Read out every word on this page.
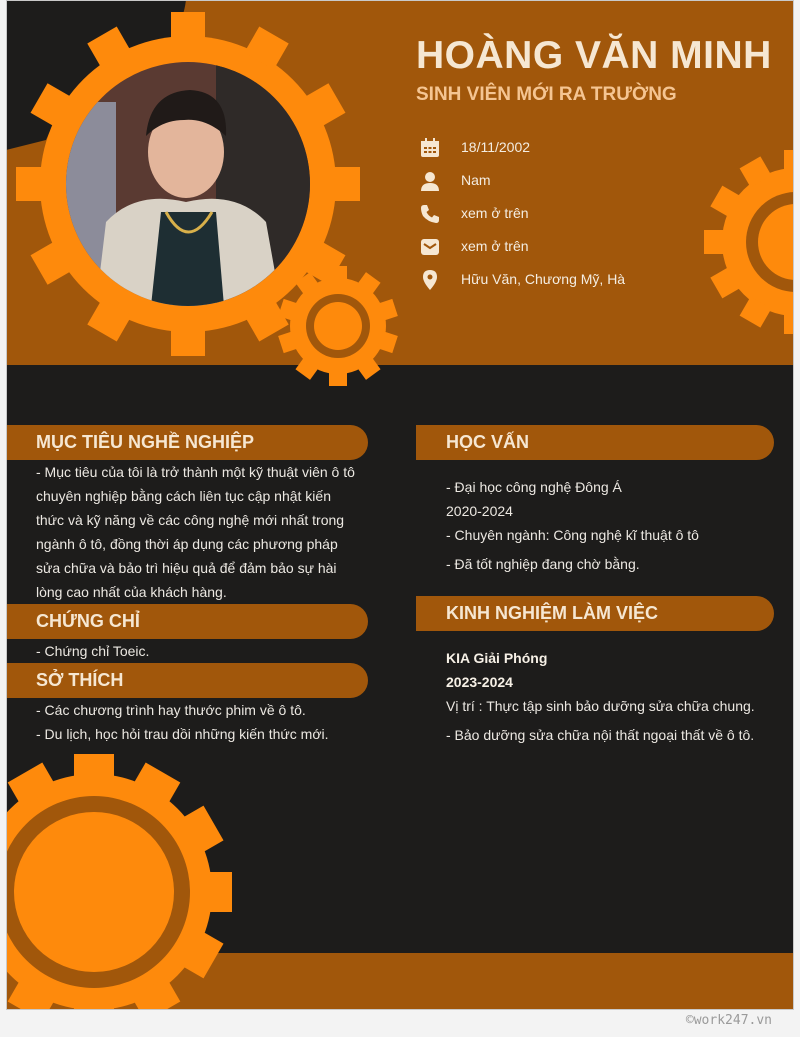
HOÀNG VĂN MINH
SINH VIÊN MỚI RA TRƯỜNG
18/11/2002
Nam
xem ở trên
xem ở trên
Hữu Văn, Chương Mỹ, Hà
MỤC TIÊU NGHỀ NGHIỆP
- Mục tiêu của tôi là trở thành một kỹ thuật viên ô tô
chuyên nghiệp bằng cách liên tục cập nhật kiến
thức và kỹ năng về các công nghệ mới nhất trong
ngành ô tô, đồng thời áp dụng các phương pháp
sửa chữa và bảo trì hiệu quả để đảm bảo sự hài
lòng cao nhất của khách hàng.
CHỨNG CHỈ
- Chứng chỉ Toeic.
SỞ THÍCH
- Các chương trình hay thước phim về ô tô.
- Du lịch, học hỏi trau dồi những kiến thức mới.
HỌC VẤN
- Đại học công nghệ Đông Á
2020-2024
- Chuyên ngành: Công nghệ kĩ thuật ô tô
- Đã tốt nghiệp đang chờ bằng.
KINH NGHIỆM LÀM VIỆC
KIA Giải Phóng
2023-2024
Vị trí : Thực tập sinh bảo dưỡng sửa chữa chung.
- Bảo dưỡng sửa chữa nội thất ngoại thất về ô tô.
©work247.vn
